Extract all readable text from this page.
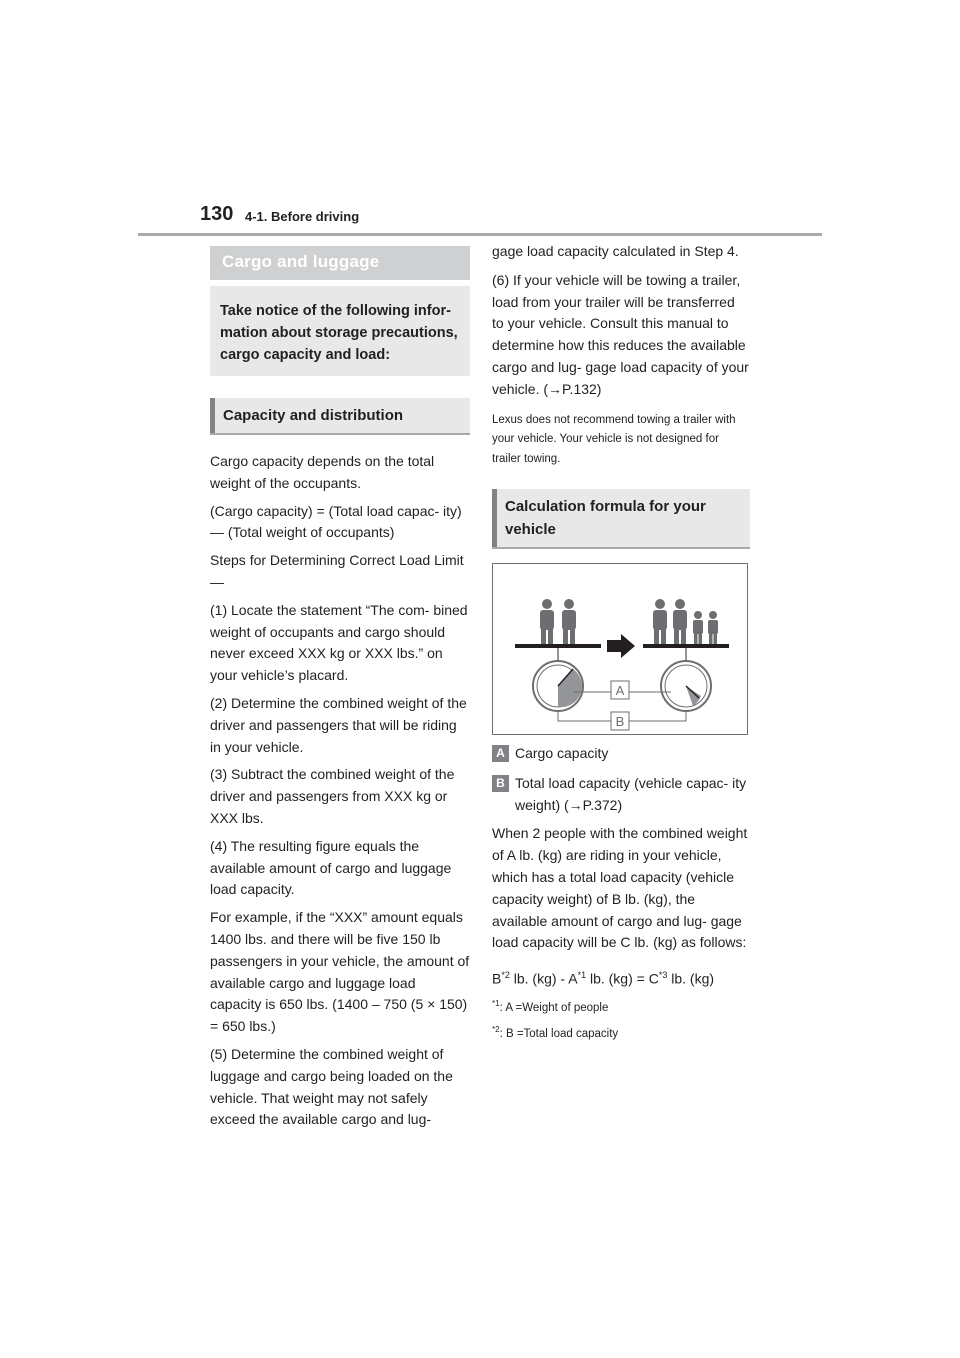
130 4-1. Before driving
Cargo and luggage
Take notice of the following infor- mation about storage precautions, cargo capacity and load:
Capacity and distribution

Cargo capacity depends on the total weight of the occupants.

(Cargo capacity) = (Total load capac- ity) — (Total weight of occupants)

Steps for Determining Correct Load Limit —

(1) Locate the statement “The com- bined weight of occupants and cargo should never exceed XXX kg or XXX lbs.” on your vehicle’s placard.

(2) Determine the combined weight of the driver and passengers that will be riding in your vehicle.

(3) Subtract the combined weight of the driver and passengers from XXX kg or XXX lbs.

(4) The resulting figure equals the available amount of cargo and luggage load capacity.

For example, if the “XXX” amount equals 1400 lbs. and there will be five 150 lb passengers in your vehicle, the amount of available cargo and luggage load capacity is 650 lbs. (1400 – 750 (5 × 150) = 650 lbs.)

(5) Determine the combined weight of luggage and cargo being loaded on the vehicle. That weight may not safely exceed the available cargo and lug-

gage load capacity calculated in Step 4.

(6) If your vehicle will be towing a trailer, load from your trailer will be transferred to your vehicle. Consult this manual to determine how this reduces the available cargo and lug- gage load capacity of your vehicle. (→P.132)

Lexus does not recommend towing a trailer with your vehicle. Your vehicle is not designed for trailer towing.

Calculation formula for your vehicle
A
B
A Cargo capacity
B Total load capacity (vehicle capac- ity weight) (→P.372)

When 2 people with the combined weight of A lb. (kg) are riding in your vehicle, which has a total load capacity (vehicle capacity weight) of B lb. (kg), the available amount of cargo and lug- gage load capacity will be C lb. (kg) as follows:

$B^{*2}$ lb. $(kg) - A^{*1}$ lb. $(kg) = C^{*3}$ lb. (kg)
$^{*1}$: A =Weight of people
$^{*2}$: B =Total load capacity
